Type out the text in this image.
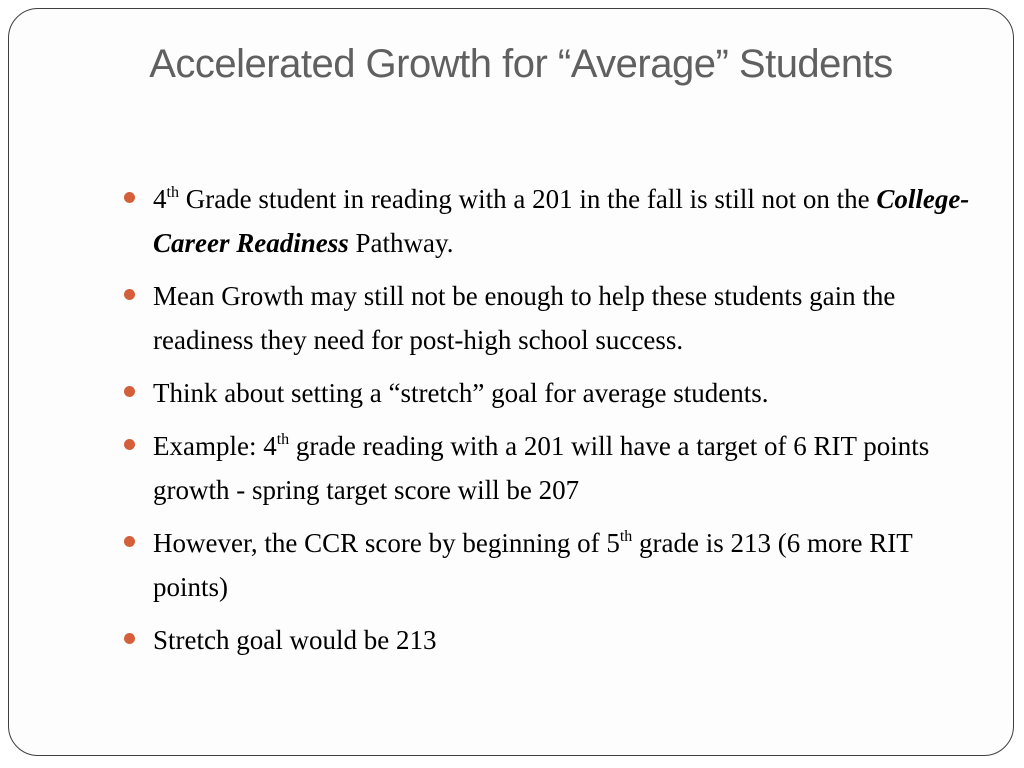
Accelerated Growth for “Average” Students
4th Grade student in reading with a 201 in the fall is still not on the College-Career Readiness Pathway.
Mean Growth may still not be enough to help these students gain the readiness they need for post-high school success.
Think about setting a “stretch” goal for average students.
Example: 4th grade reading with a 201 will have a target of 6 RIT points growth - spring target score will be 207
However, the CCR score by beginning of 5th grade is 213 (6 more RIT points)
Stretch goal would be 213
